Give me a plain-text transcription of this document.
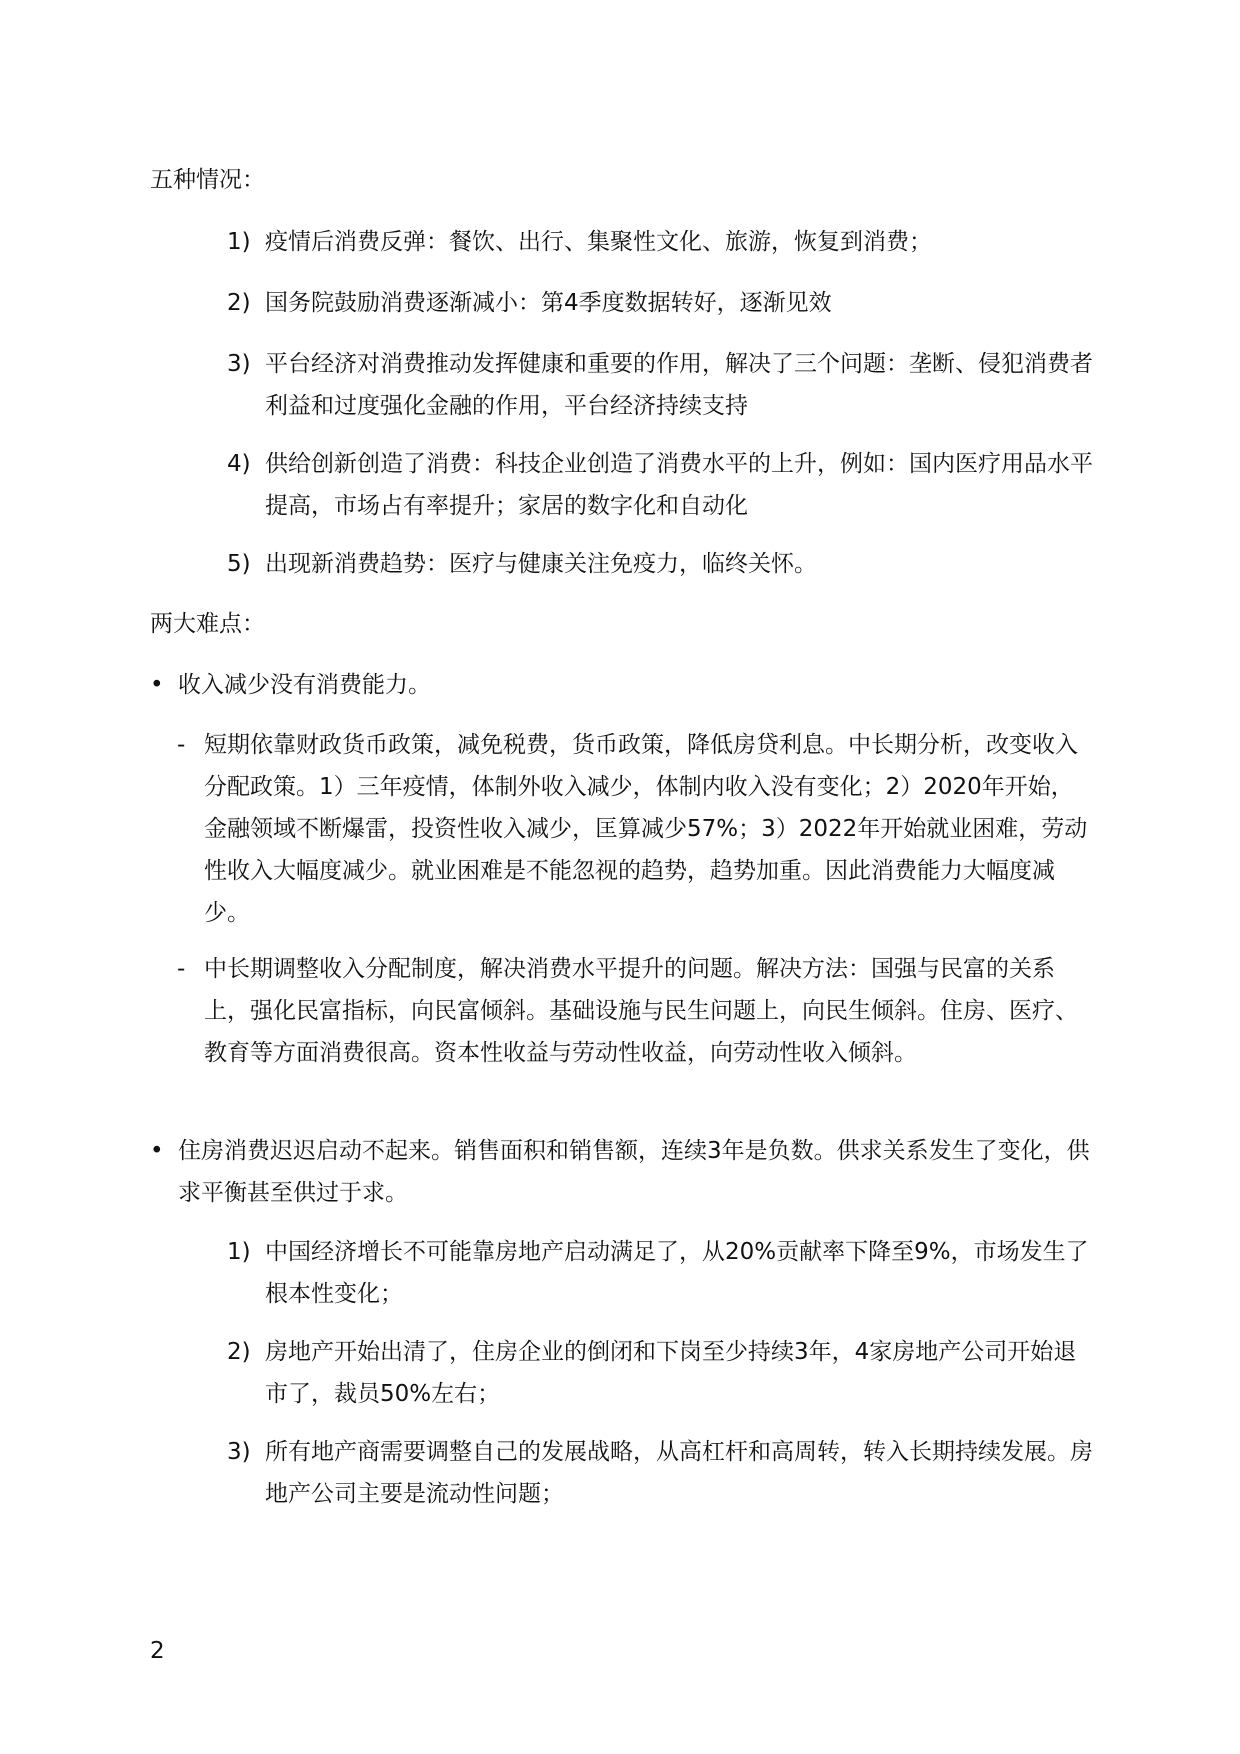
五种情况：

1) 疫情后消费反弹：餐饮、出行、集聚性文化、旅游，恢复到消费；
2) 国务院鼓励消费逐渐减小：第4季度数据转好，逐渐见效
3) 平台经济对消费推动发挥健康和重要的作用，解决了三个问题：垄断、侵犯消费者利益和过度强化金融的作用，平台经济持续支持
4) 供给创新创造了消费：科技企业创造了消费水平的上升，例如：国内医疗用品水平提高，市场占有率提升；家居的数字化和自动化
5) 出现新消费趋势：医疗与健康关注免疫力，临终关怀。

两大难点：

• 收入减少没有消费能力。
- 短期依靠财政货币政策，减免税费，货币政策，降低房贷利息。中长期分析，改变收入分配政策。1）三年疫情，体制外收入减少，体制内收入没有变化；2）2020年开始，金融领域不断爆雷，投资性收入减少，匡算减少57%；3）2022年开始就业困难，劳动性收入大幅度减少。就业困难是不能忽视的趋势，趋势加重。因此消费能力大幅度减少。
- 中长期调整收入分配制度，解决消费水平提升的问题。解决方法：国强与民富的关系上，强化民富指标，向民富倾斜。基础设施与民生问题上，向民生倾斜。住房、医疗、教育等方面消费很高。资本性收益与劳动性收益，向劳动性收入倾斜。
• 住房消费迟迟启动不起来。销售面积和销售额，连续3年是负数。供求关系发生了变化，供求平衡甚至供过于求。
1) 中国经济增长不可能靠房地产启动满足了，从20%贡献率下降至9%，市场发生了根本性变化；
2) 房地产开始出清了，住房企业的倒闭和下岗至少持续3年，4家房地产公司开始退市了，裁员50%左右；
3) 所有地产商需要调整自己的发展战略，从高杠杆和高周转，转入长期持续发展。房地产公司主要是流动性问题；
2
